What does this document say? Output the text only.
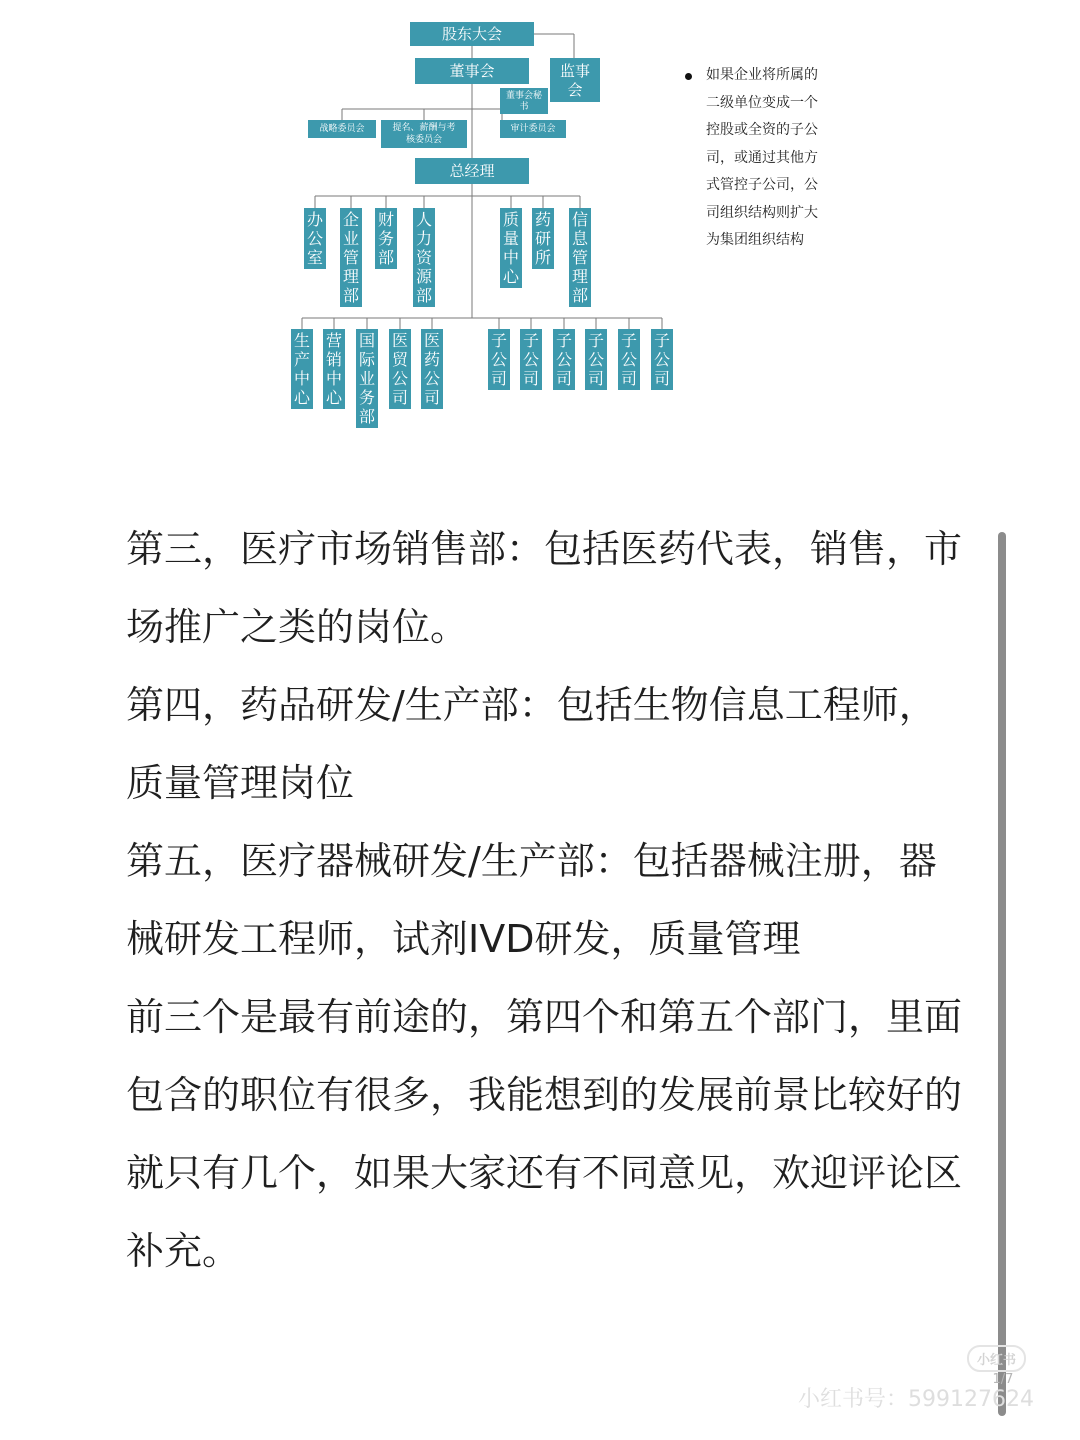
股东大会
董事会	监事
会
董事会秘
书
战略委员会	提名、薪酬与考
核委员会
审计委员会
总经理
办
公
室
企
业
管
理
部
财
务
部
人
力
资
源
部
质
量
中
心
药
研
所
信
息
管
理
部
生
产
中
心
营
销
中
心
国
际
业
务
部
医
贸
公
司
医
药
公
司
子
公
司
子
公
司
子
公
司
子
公
司
子
公
司
子
公
司
如果企业将所属的
二级单位变成一个
控股或全资的子公
司，或通过其他方
式管控子公司，公
司组织结构则扩大
为集团组织结构

第三，医疗市场销售部：包括医药代表，销售，市场推广之类的岗位。

第四，药品研发/生产部：包括生物信息工程师，质量管理岗位

第五，医疗器械研发/生产部：包括器械注册，器械研发工程师，试剂IVD研发，质量管理

前三个是最有前途的，第四个和第五个部门，里面包含的职位有很多，我能想到的发展前景比较好的就只有几个，如果大家还有不同意见，欢迎评论区补充。

1/7
小红书
小红书号：599127624
